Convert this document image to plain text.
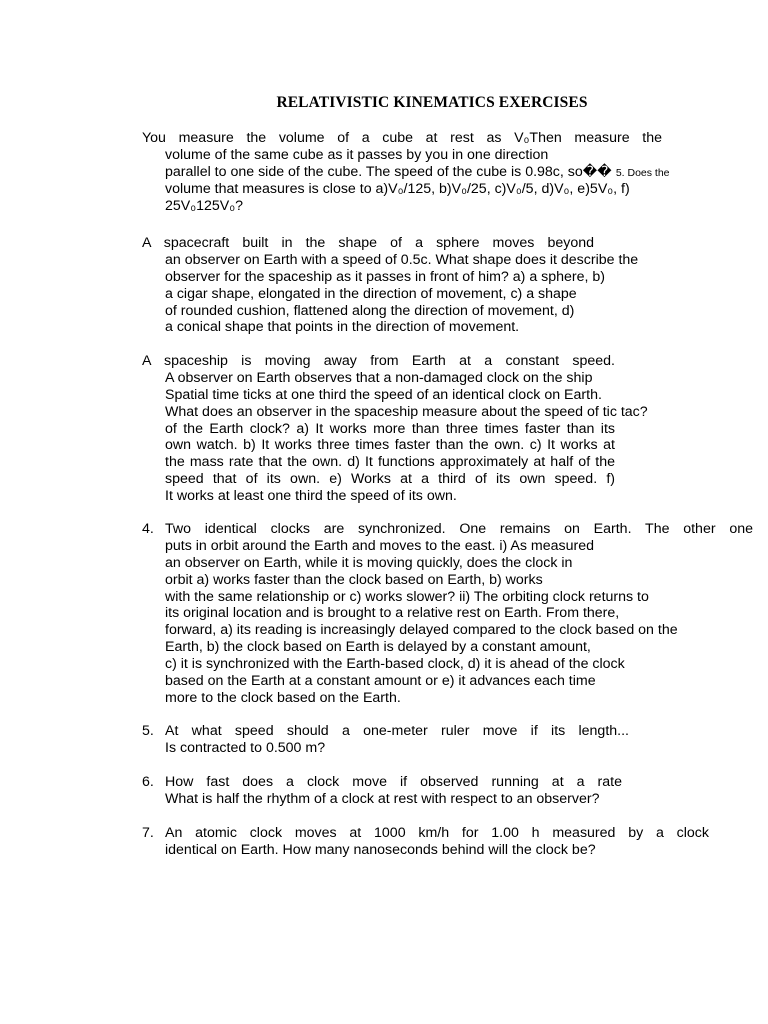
RELATIVISTIC KINEMATICS EXERCISES
You measure the volume of a cube at rest as V₀Then measure the
volume of the same cube as it passes by you in one direction
parallel to one side of the cube. The speed of the cube is 0.98c, so�� 5. Does the
volume that measures is close to a)V₀/125, b)V₀/25, c)V₀/5, d)V₀, e)5V₀, f)
25V₀125V₀?
A spacecraft built in the shape of a sphere moves beyond
an observer on Earth with a speed of 0.5c. What shape does it describe the
observer for the spaceship as it passes in front of him? a) a sphere, b)
a cigar shape, elongated in the direction of movement, c) a shape
of rounded cushion, flattened along the direction of movement, d)
a conical shape that points in the direction of movement.
A spaceship is moving away from Earth at a constant speed.
A observer on Earth observes that a non-damaged clock on the ship
Spatial time ticks at one third the speed of an identical clock on Earth.
What does an observer in the spaceship measure about the speed of tic tac?
of the Earth clock? a) It works more than three times faster than its
own watch. b) It works three times faster than the own. c) It works at
the mass rate that the own. d) It functions approximately at half of the
speed that of its own. e) Works at a third of its own speed. f)
It works at least one third the speed of its own.
4. Two identical clocks are synchronized. One remains on Earth. The other one
puts in orbit around the Earth and moves to the east. i) As measured
an observer on Earth, while it is moving quickly, does the clock in
orbit a) works faster than the clock based on Earth, b) works
with the same relationship or c) works slower? ii) The orbiting clock returns to
its original location and is brought to a relative rest on Earth. From there,
forward, a) its reading is increasingly delayed compared to the clock based on the
Earth, b) the clock based on Earth is delayed by a constant amount,
c) it is synchronized with the Earth-based clock, d) it is ahead of the clock
based on the Earth at a constant amount or e) it advances each time
more to the clock based on the Earth.
5. At what speed should a one-meter ruler move if its length...
Is contracted to 0.500 m?
6. How fast does a clock move if observed running at a rate
What is half the rhythm of a clock at rest with respect to an observer?
7. An atomic clock moves at 1000 km/h for 1.00 h measured by a clock
identical on Earth. How many nanoseconds behind will the clock be?
